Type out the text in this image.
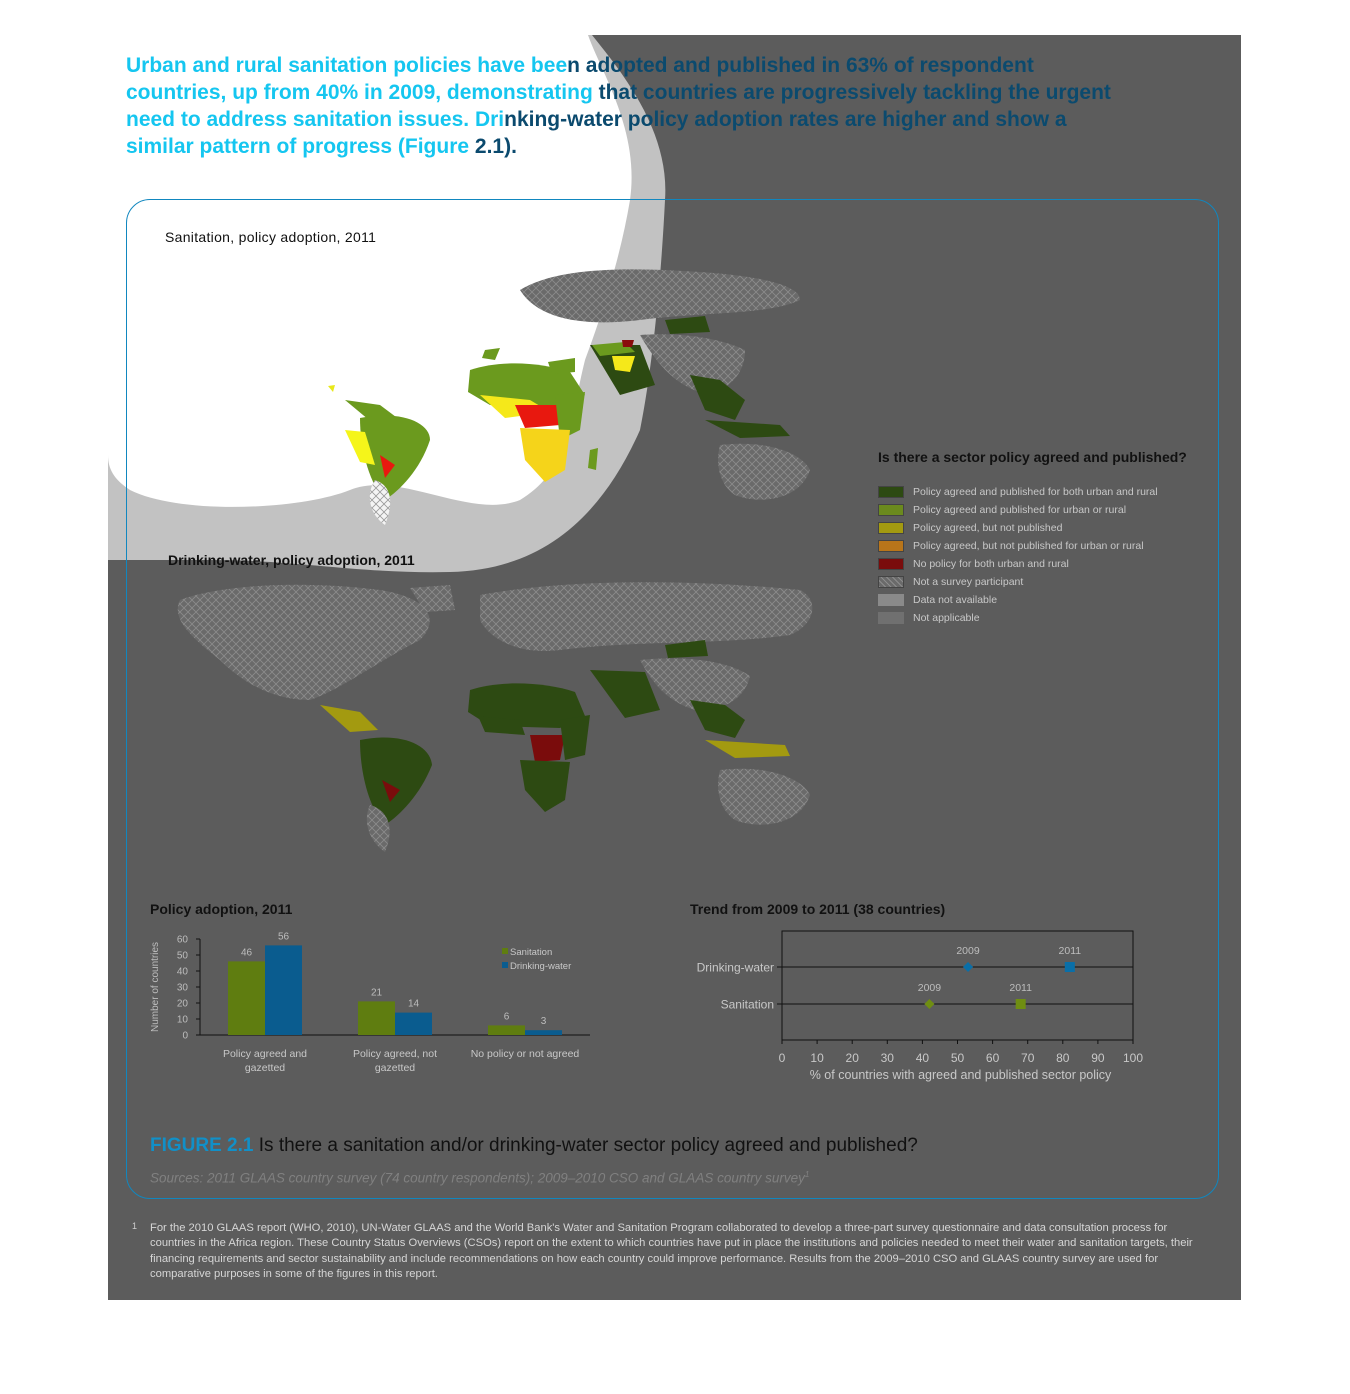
Urban and rural sanitation policies have been adopted and published in 63% of respondent
countries, up from 40% in 2009, demonstrating that countries are progressively tackling the urgent
need to address sanitation issues. Drinking-water policy adoption rates are higher and show a
similar pattern of progress (Figure 2.1).
Sanitation, policy adoption, 2011
Drinking-water, policy adoption, 2011
Is there a sector policy agreed and published?
Policy agreed and published for both urban and rural
Policy agreed and published for urban or rural
Policy agreed, but not published
Policy agreed, but not published for urban or rural
No policy for both urban and rural
Not a survey participant
Data not available
Not applicable
Policy adoption, 2011
0
10
20
30
40
50
60
Number of countries	46
56
Policy agreed and
gazetted
21
14
Policy agreed, not
gazetted
6	3
No policy or not agreed
Sanitation
Drinking-water
Trend from 2009 to 2011 (38 countries)
Drinking-water
2009	2011
Sanitation
2009	2011
0 10 20 30 40 50 60 70 80 90 100
% of countries with agreed and published sector policy
FIGURE 2.1 Is there a sanitation and/or drinking-water sector policy agreed and published?
Sources: 2011 GLAAS country survey (74 country respondents); 2009–2010 CSO and GLAAS country survey$^1$
1 For the 2010 GLAAS report (WHO, 2010), UN-Water GLAAS and the World Bank's Water and Sanitation Program collaborated to develop a three-part survey questionnaire and data consultation process for countries in the Africa region. These Country Status Overviews (CSOs) report on the extent to which countries have put in place the institutions and policies needed to meet their water and sanitation targets, their financing requirements and sector sustainability and include recommendations on how each country could improve performance. Results from the 2009–2010 CSO and GLAAS country survey are used for comparative purposes in some of the figures in this report.
